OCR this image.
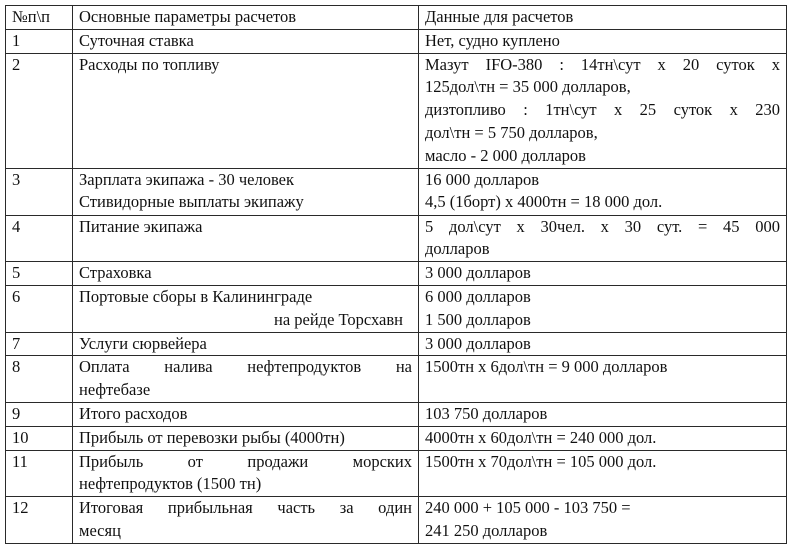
№п\п	Основные параметры расчетов	Данные для расчетов
1	Суточная ставка	Нет, судно куплено

2	Расходы по топливу	Мазут IFO-380 : 14тн\сут х 20 суток х
125дол\тн = 35 000 долларов,
дизтопливо : 1тн\сут х 25 суток х 230
дол\тн = 5 750 долларов,
масло - 2 000 долларов

3	Зарплата экипажа - 30 человек
Стивидорные выплаты экипажу	16 000 долларов
4,5 (1борт) х 4000тн = 18 000 дол.

4	Питание экипажа	5 дол\сут х 30чел. х 30 сут. = 45 000
долларов

5	Страховка	3 000 долларов

6	Портовые сборы в Калининграде
на рейде Торсхавн	6 000 долларов
1 500 долларов

7	Услуги сюрвейера	3 000 долларов

8	Оплата налива нефтепродуктов на
нефтебазе	1500тн х 6дол\тн = 9 000 долларов

9	Итого расходов	103 750 долларов

10	Прибыль от перевозки рыбы (4000тн)	4000тн х 60дол\тн = 240 000 дол.

11	Прибыль от продажи морских
нефтепродуктов (1500 тн)	1500тн х 70дол\тн = 105 000 дол.

12	Итоговая прибыльная часть за один
месяц	240 000 + 105 000 - 103 750 =
241 250 долларов
